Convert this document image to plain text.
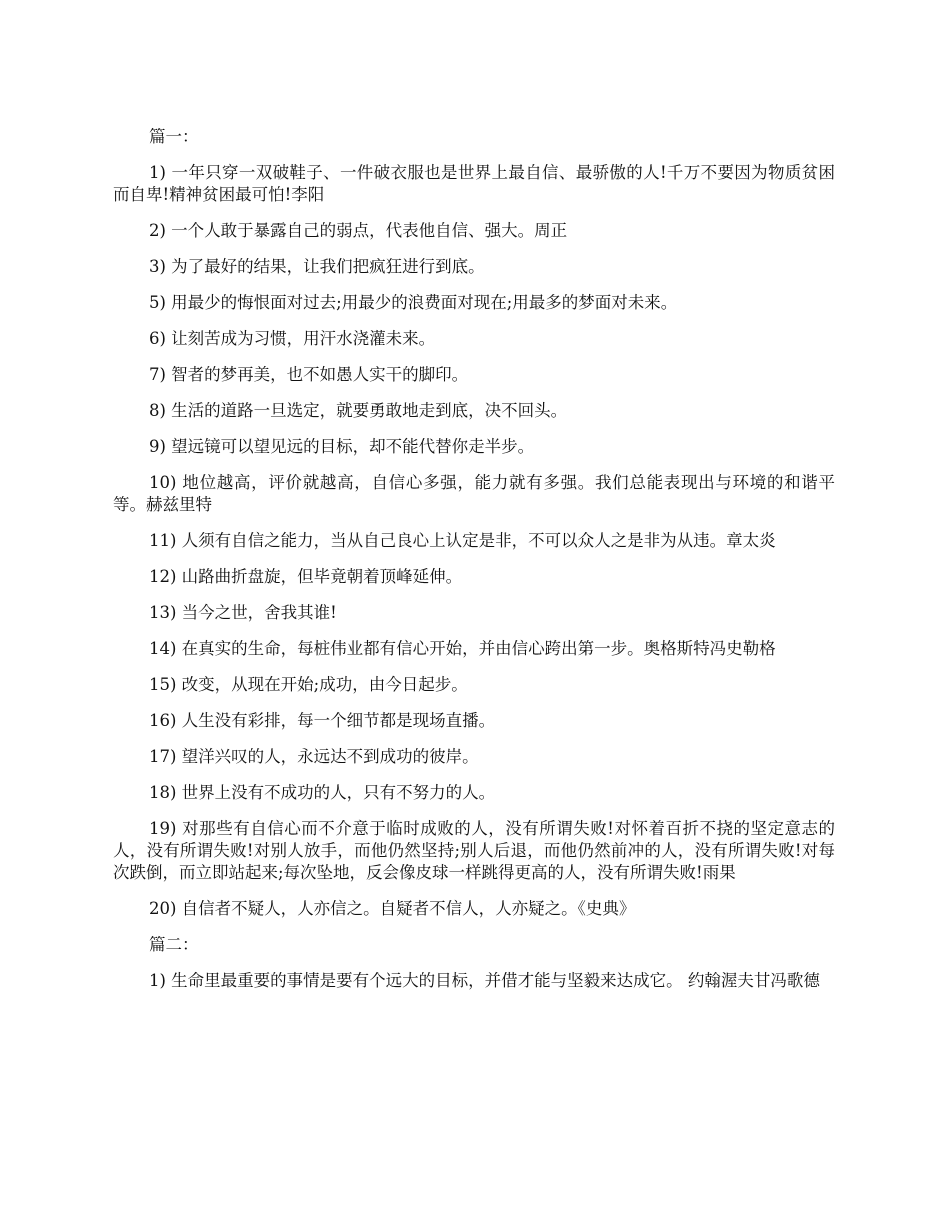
篇一：

1) 一年只穿一双破鞋子、一件破衣服也是世界上最自信、最骄傲的人!千万不要因为物质贫困而自卑!精神贫困最可怕!李阳

2) 一个人敢于暴露自己的弱点，代表他自信、强大。周正

3) 为了最好的结果，让我们把疯狂进行到底。

5) 用最少的悔恨面对过去;用最少的浪费面对现在;用最多的梦面对未来。

6) 让刻苦成为习惯，用汗水浇灌未来。

7) 智者的梦再美，也不如愚人实干的脚印。

8) 生活的道路一旦选定，就要勇敢地走到底，决不回头。

9) 望远镜可以望见远的目标，却不能代替你走半步。

10) 地位越高，评价就越高，自信心多强，能力就有多强。我们总能表现出与环境的和谐平等。赫兹里特

11) 人须有自信之能力，当从自己良心上认定是非，不可以众人之是非为从违。章太炎

12) 山路曲折盘旋，但毕竟朝着顶峰延伸。

13) 当今之世，舍我其谁!

14) 在真实的生命，每桩伟业都有信心开始，并由信心跨出第一步。奥格斯特冯史勒格

15) 改变，从现在开始;成功，由今日起步。

16) 人生没有彩排，每一个细节都是现场直播。

17) 望洋兴叹的人，永远达不到成功的彼岸。

18) 世界上没有不成功的人，只有不努力的人。

19) 对那些有自信心而不介意于临时成败的人，没有所谓失败!对怀着百折不挠的坚定意志的人，没有所谓失败!对别人放手，而他仍然坚持;别人后退，而他仍然前冲的人，没有所谓失败!对每次跌倒，而立即站起来;每次坠地，反会像皮球一样跳得更高的人，没有所谓失败!雨果

20) 自信者不疑人，人亦信之。自疑者不信人，人亦疑之。《史典》

篇二：

1) 生命里最重要的事情是要有个远大的目标，并借才能与坚毅来达成它。 约翰渥夫甘冯歌德
